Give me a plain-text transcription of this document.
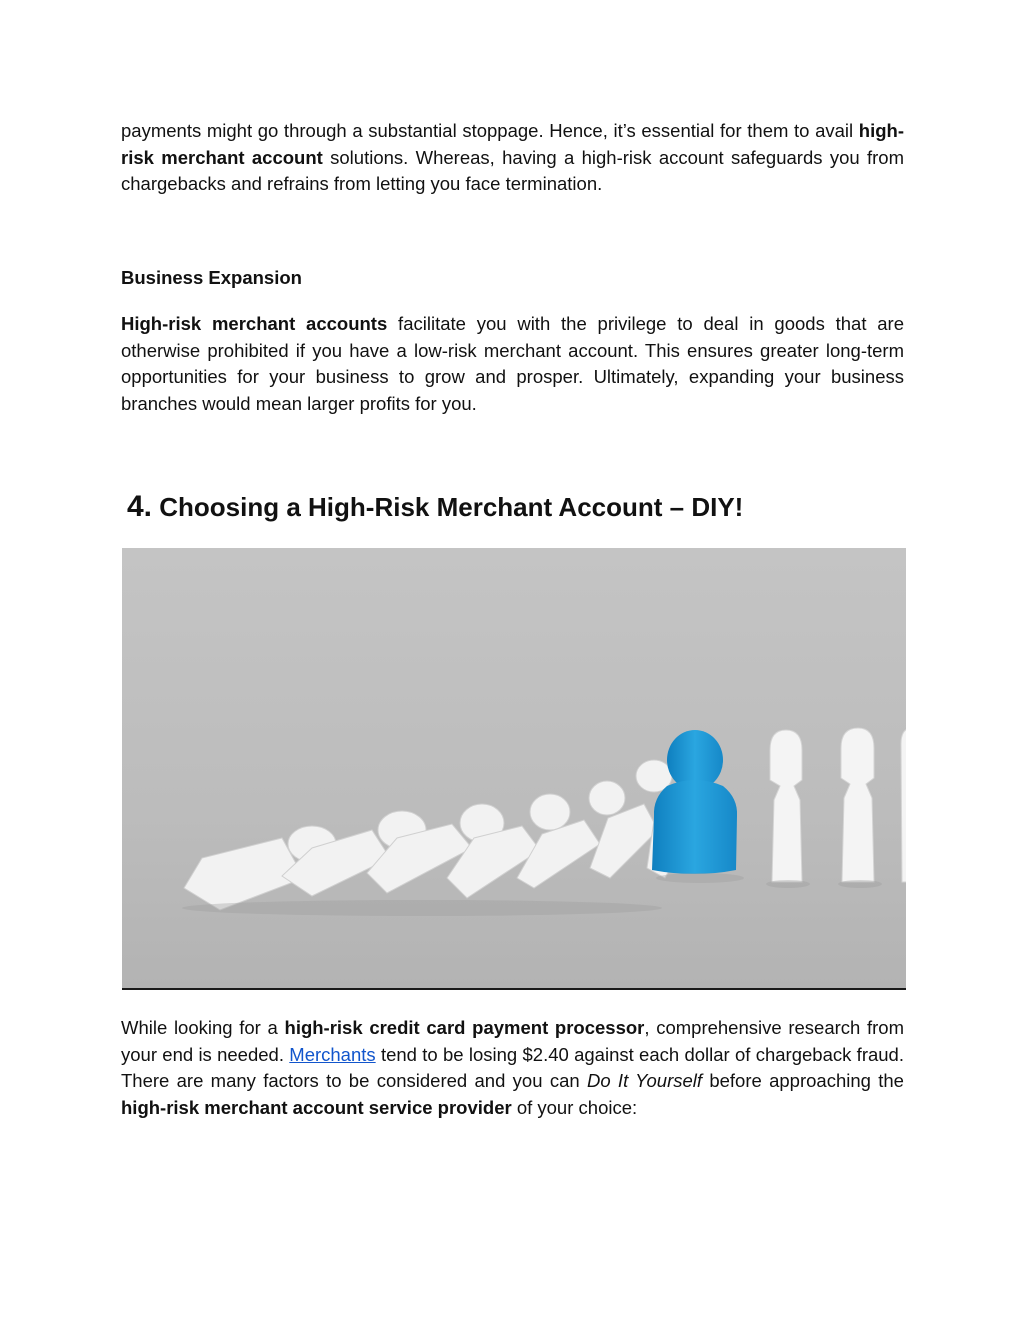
payments might go through a substantial stoppage. Hence, it’s essential for them to avail high-risk merchant account solutions. Whereas, having a high-risk account safeguards you from chargebacks and refrains from letting you face termination.

Business Expansion

High-risk merchant accounts facilitate you with the privilege to deal in goods that are otherwise prohibited if you have a low-risk merchant account. This ensures greater long-term opportunities for your business to grow and prosper. Ultimately, expanding your business branches would mean larger profits for you.

4. Choosing a High-Risk Merchant Account – DIY!

While looking for a high-risk credit card payment processor, comprehensive research from your end is needed. Merchants tend to be losing $2.40 against each dollar of chargeback fraud. There are many factors to be considered and you can Do It Yourself before approaching the high-risk merchant account service provider of your choice:
